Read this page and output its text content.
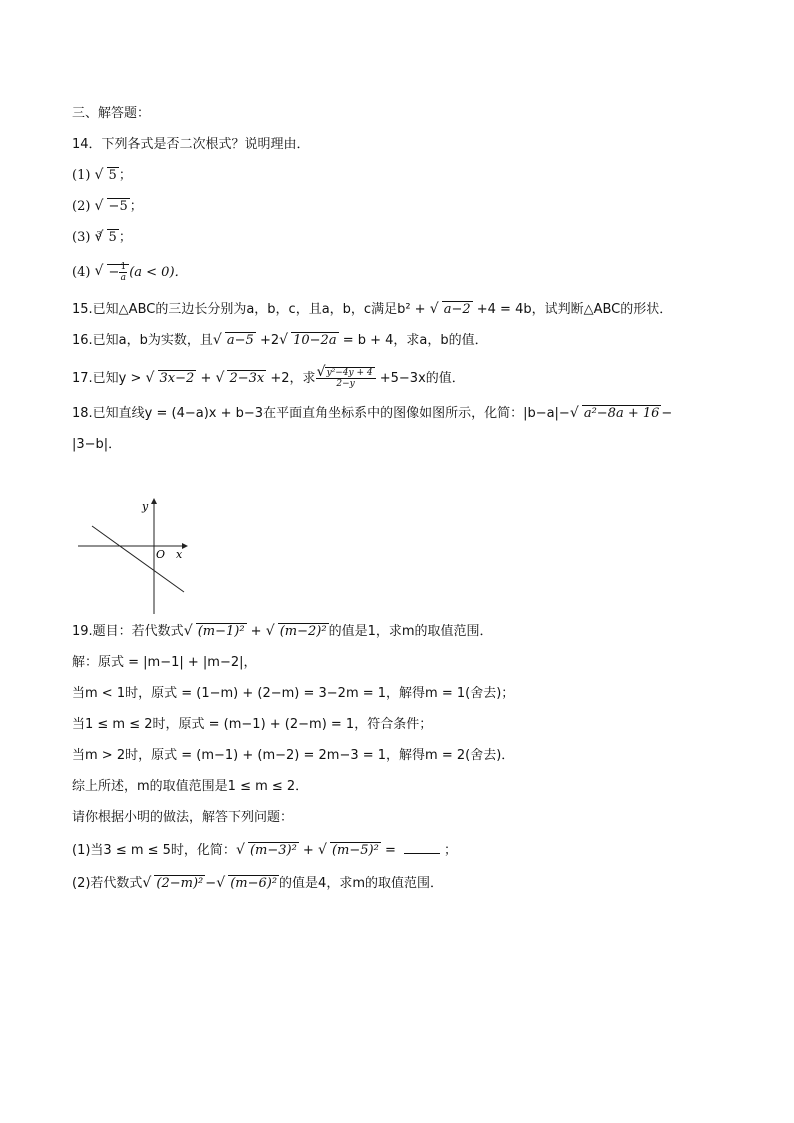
三、解答题：
14．下列各式是否二次根式？说明理由．
(1) √ 5 ；
(2) √ −5 ；
(3) √ 3 5 ；
(4) √ − $\frac{1}{a} (a < 0)$．
15.已知△ABC的三边长分别为a，b，c，且a，b，c满足b² + √ a−2 +4 = 4b，试判断△ABC的形状．
16.已知a，b为实数，且 √ a−5 +2 √ 10−2a = b + 4，求a，b的值．
17.已知y > √ 3x−2 + √ 2−3x +2，求 √ $\frac{\text{y²−4y + 4}}{2-y} +5-3x$的值．
18.已知直线y = (4−a)x + b−3在平面直角坐标系中的图像如图所示，化简：|b−a|− √ a²−8a + 16 −
|3−b|．
y
x
O
19.题目：若代数式 √ (m−1)² + √ (m−2)² 的值是1，求m的取值范围．
解：原式 = |m−1| + |m−2|，
当m < 1时，原式 = (1−m) + (2−m) = 3−2m = 1，解得m = 1(舍去)；
当1 ≤ m ≤ 2时，原式 = (m−1) + (2−m) = 1，符合条件；
当m > 2时，原式 = (m−1) + (m−2) = 2m−3 = 1，解得m = 2(舍去)．
综上所述，m的取值范围是1 ≤ m ≤ 2．
请你根据小明的做法，解答下列问题：
(1)当3 ≤ m ≤ 5时，化简： √ (m−3)² + √ (m−5)² =	；
(2)若代数式 √ (2−m)² − √ (m−6)² 的值是4，求m的取值范围．
